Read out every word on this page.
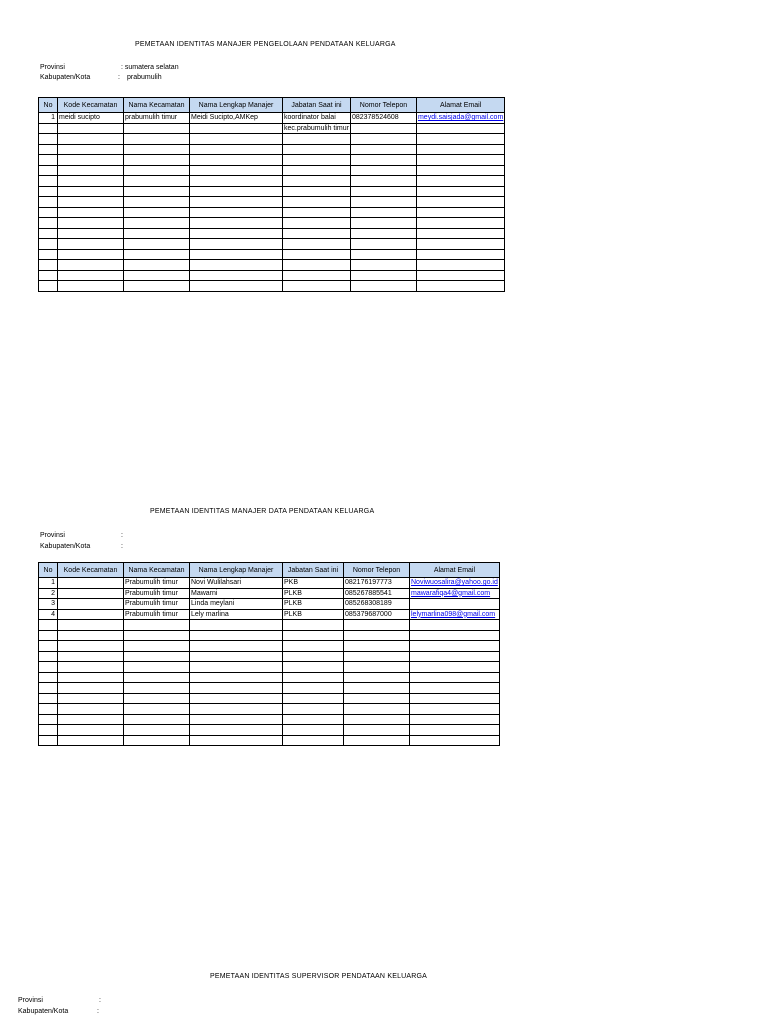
PEMETAAN IDENTITAS MANAJER PENGELOLAAN PENDATAAN KELUARGA
Provinsi	: sumatera selatan
Kabupaten/Kota	: prabumulih
No	Kode Kecamatan	Nama Kecamatan	Nama Lengkap Manajer	Jabatan Saat ini	Nomor Telepon	Alamat Email
1	meidi sucipto	prabumulih timur	Meidi Sucipto,AMKep	koordinator balai	082378524608	meydi.saisjada@gmail.com
				kec.prabumulih timur		

PEMETAAN IDENTITAS MANAJER DATA PENDATAAN KELUARGA
Provinsi	:
Kabupaten/Kota	:
No	Kode Kecamatan	Nama Kecamatan	Nama Lengkap Manajer	Jabatan Saat ini	Nomor Telepon	Alamat Email
1		Prabumulih timur	Novi Wulilahsari	PKB	082176197773	Noviwuosalira@yahoo.go.id
2		Prabumulih timur	Mawarni	PLKB	085267885541	mawarafiqa4@gmail.com
3		Prabumulih timur	Linda meylani	PLKB	085268308189	
4		Prabumulih timur	Lely marlina	PLKB	085379687000	lelymarlina098@gmail.com

PEMETAAN IDENTITAS SUPERVISOR PENDATAAN KELUARGA
Provinsi	:
Kabupaten/Kota	:
